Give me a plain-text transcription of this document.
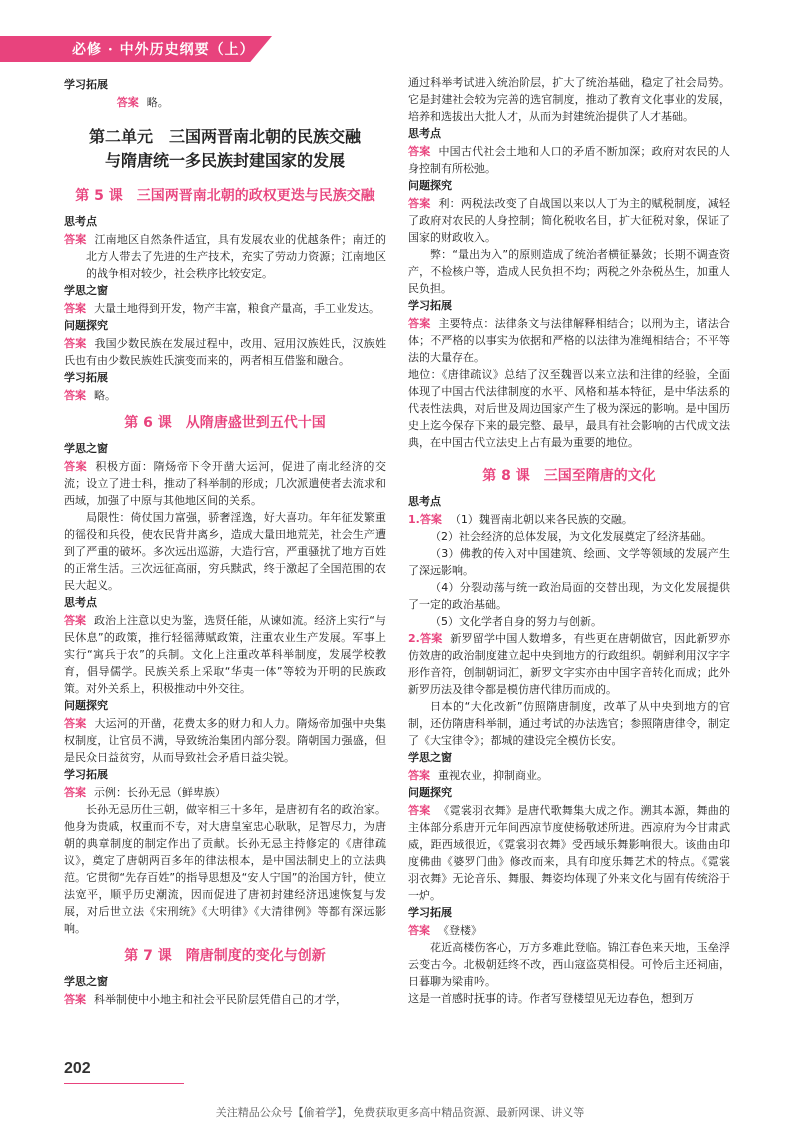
必修 · 中外历史纲要（上）

学习拓展

答案 略。

第二单元　三国两晋南北朝的民族交融
与隋唐统一多民族封建国家的发展
第 5 课　三国两晋南北朝的政权更迭与民族交融

思考点

答案 江南地区自然条件适宜，具有发展农业的优越条件；南迁的北方人带去了先进的生产技术，充实了劳动力资源；江南地区的战争相对较少，社会秩序比较安定。

学思之窗

答案 大量土地得到开发，物产丰富，粮食产量高，手工业发达。

问题探究

答案 我国少数民族在发展过程中，改用、冠用汉族姓氏，汉族姓氏也有由少数民族姓氏演变而来的，两者相互借鉴和融合。

学习拓展

答案 略。

第 6 课　从隋唐盛世到五代十国

学思之窗

答案 积极方面：隋炀帝下令开凿大运河，促进了南北经济的交流；设立了进士科，推动了科举制的形成；几次派遣使者去流求和西域，加强了中原与其他地区间的关系。

局限性：倚仗国力富强，骄奢淫逸，好大喜功。年年征发繁重的徭役和兵役，使农民背井离乡，造成大量田地荒芜，社会生产遭到了严重的破坏。多次远出巡游，大造行宫，严重骚扰了地方百姓的正常生活。三次远征高丽，穷兵黩武，终于激起了全国范围的农民大起义。

思考点

答案 政治上注意以史为鉴，选贤任能，从谏如流。经济上实行“与民休息”的政策，推行轻徭薄赋政策，注重农业生产发展。军事上实行“寓兵于农”的兵制。文化上注重改革科举制度，发展学校教育，倡导儒学。民族关系上采取“华夷一体”等较为开明的民族政策。对外关系上，积极推动中外交往。

问题探究

答案 大运河的开凿，花费太多的财力和人力。隋炀帝加强中央集权制度，让官员不满，导致统治集团内部分裂。隋朝国力强盛，但是民众日益贫穷，从而导致社会矛盾日益尖锐。

学习拓展

答案 示例：长孙无忌（鲜卑族）

长孙无忌历仕三朝，做宰相三十多年，是唐初有名的政治家。他身为贵戚，权重而不专，对大唐皇室忠心耿耿，足智尽力，为唐朝的典章制度的制定作出了贡献。长孙无忌主持修定的《唐律疏议》，奠定了唐朝两百多年的律法根本，是中国法制史上的立法典范。它贯彻“先存百姓”的指导思想及“安人宁国”的治国方针，使立法宽平，顺乎历史潮流，因而促进了唐初封建经济迅速恢复与发展，对后世立法《宋刑统》《大明律》《大清律例》等都有深远影响。

第 7 课　隋唐制度的变化与创新

学思之窗

答案 科举制使中小地主和社会平民阶层凭借自己的才学，

通过科举考试进入统治阶层，扩大了统治基础，稳定了社会局势。它是封建社会较为完善的选官制度，推动了教育文化事业的发展，培养和选拔出大批人才，从而为封建统治提供了人才基础。

思考点

答案 中国古代社会土地和人口的矛盾不断加深；政府对农民的人身控制有所松弛。

问题探究

答案 利：两税法改变了自战国以来以人丁为主的赋税制度，减轻了政府对农民的人身控制；简化税收名目，扩大征税对象，保证了国家的财政收入。

弊：“量出为入”的原则造成了统治者横征暴敛；长期不调查资产，不检核户等，造成人民负担不均；两税之外杂税丛生，加重人民负担。

学习拓展

答案 主要特点：法律条文与法律解释相结合；以刑为主，诸法合体；不严格的以事实为依据和严格的以法律为准绳相结合；不平等法的大量存在。

地位：《唐律疏议》总结了汉至魏晋以来立法和注律的经验，全面体现了中国古代法律制度的水平、风格和基本特征，是中华法系的代表性法典，对后世及周边国家产生了极为深远的影响。是中国历史上迄今保存下来的最完整、最早，最具有社会影响的古代成文法典，在中国古代立法史上占有最为重要的地位。

第 8 课　三国至隋唐的文化

思考点

1.答案 （1）魏晋南北朝以来各民族的交融。

（2）社会经济的总体发展，为文化发展奠定了经济基础。

（3）佛教的传入对中国建筑、绘画、文学等领域的发展产生了深远影响。

（4）分裂动荡与统一政治局面的交替出现，为文化发展提供了一定的政治基础。

（5）文化学者自身的努力与创新。

2.答案 新罗留学中国人数增多，有些更在唐朝做官，因此新罗亦仿效唐的政治制度建立起中央到地方的行政组织。朝鲜利用汉字字形作音符，创制朝词汇，新罗文字实亦由中国字音转化而成；此外新罗历法及律令都是模仿唐代律历而成的。

日本的“大化改新”仿照隋唐制度，改革了从中央到地方的官制，还仿隋唐科举制，通过考试的办法选官；参照隋唐律令，制定了《大宝律令》；都城的建设完全模仿长安。

学思之窗

答案 重视农业，抑制商业。

问题探究

答案 《霓裳羽衣舞》是唐代歌舞集大成之作。溯其本源，舞曲的主体部分系唐开元年间西凉节度使杨敬述所进。西凉府为今甘肃武威，距西域很近，《霓裳羽衣舞》受西域乐舞影响很大。该曲由印度佛曲《婆罗门曲》修改而来，具有印度乐舞艺术的特点。《霓裳羽衣舞》无论音乐、舞服、舞姿均体现了外来文化与固有传统浴于一炉。

学习拓展

答案 《登楼》

花近高楼伤客心，万方多难此登临。锦江春色来天地，玉垒浮云变古今。北极朝廷终不改，西山寇盗莫相侵。可怜后主还祠庙，日暮聊为梁甫吟。

这是一首感时抚事的诗。作者写登楼望见无边春色，想到万

202
关注精品公众号【偷着学】，免费获取更多高中精品资源、最新网课、讲义等
